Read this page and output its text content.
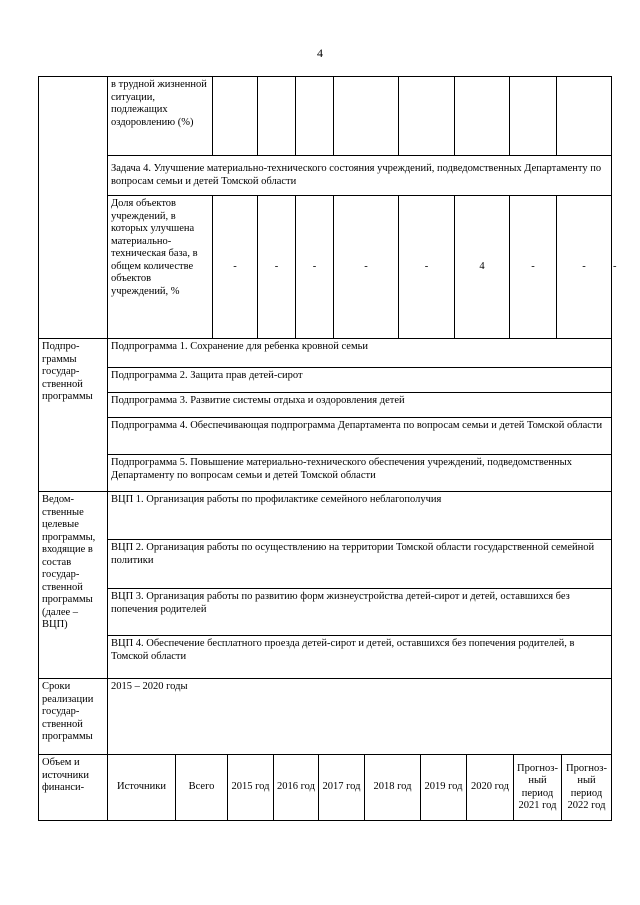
4
	в трудной жизненной ситуации, подлежащих оздоровлению (%)									
	Задача 4. Улучшение материально-технического состояния учреждений, подведомственных Департаменту по вопросам семьи и детей Томской области									
	Доля объектов учреждений, в которых улучшена материально-техническая база, в общем количестве объектов учреждений, %	-	-	-	-	-	4	-	-	-
Подпро-граммы государ-ственной программы	Подпрограмма 1. Сохранение для ребенка кровной семьи
	Подпрограмма 2. Защита прав детей-сирот
	Подпрограмма 3. Развитие системы отдыха и оздоровления детей
	Подпрограмма 4. Обеспечивающая подпрограмма Департамента по вопросам семьи и детей Томской области
	Подпрограмма 5. Повышение материально-технического обеспечения учреждений, подведомственных Департаменту по вопросам семьи и детей Томской области
Ведом-ственные целевые программы, входящие в состав государ-ственной программы (далее – ВЦП)	ВЦП 1. Организация работы по профилактике семейного неблагополучия
	ВЦП 2. Организация работы по осуществлению на территории Томской области государственной семейной политики
	ВЦП 3. Организация работы по развитию форм жизнеустройства детей-сирот и детей, оставшихся без попечения родителей
	ВЦП 4. Обеспечение бесплатного проезда детей-сирот и детей, оставшихся без попечения родителей, в Томской области
Сроки реализации государ-ственной программы	2015 – 2020 годы
Объем и источники финанси-	Источники	Всего	2015 год	2016 год	2017 год	2018 год	2019 год	2020 год	Прогноз-ный период 2021 год	Прогноз-ный период 2022 год
